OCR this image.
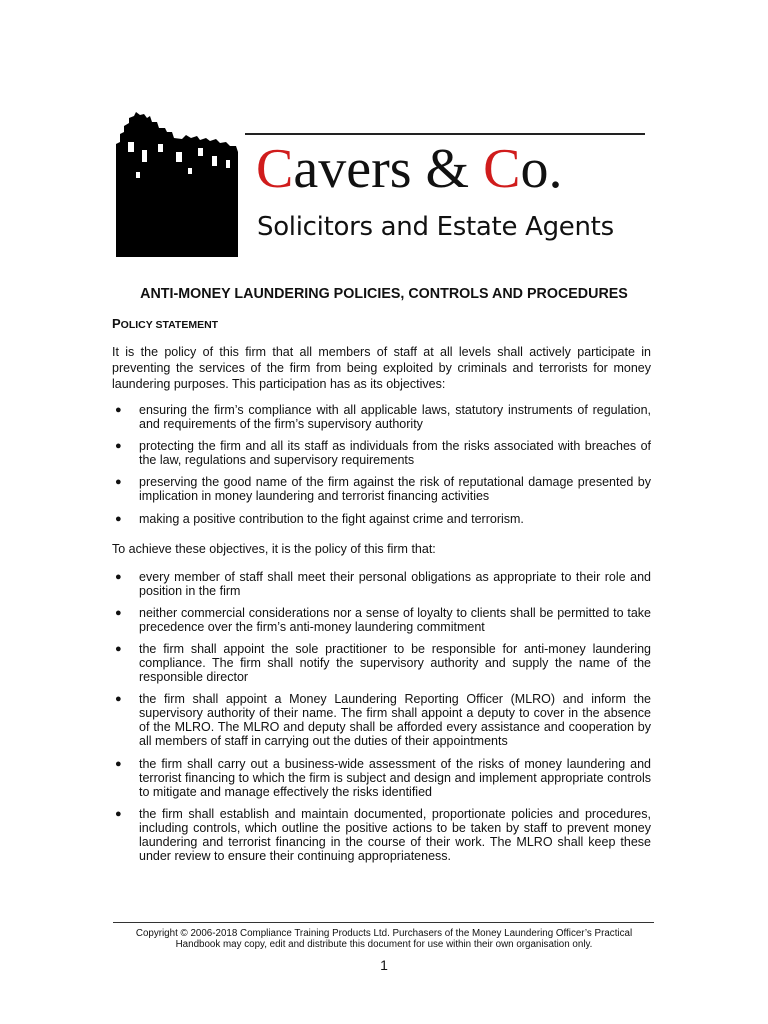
Cavers & Co.
Solicitors and Estate Agents
ANTI-MONEY LAUNDERING POLICIES, CONTROLS AND PROCEDURES
POLICY STATEMENT

It is the policy of this firm that all members of staff at all levels shall actively participate in preventing the services of the firm from being exploited by criminals and terrorists for money laundering purposes. This participation has as its objectives:

● ensuring the firm’s compliance with all applicable laws, statutory instruments of regulation, and requirements of the firm’s supervisory authority
● protecting the firm and all its staff as individuals from the risks associated with breaches of the law, regulations and supervisory requirements
● preserving the good name of the firm against the risk of reputational damage presented by implication in money laundering and terrorist financing activities
● making a positive contribution to the fight against crime and terrorism.

To achieve these objectives, it is the policy of this firm that:

● every member of staff shall meet their personal obligations as appropriate to their role and position in the firm
● neither commercial considerations nor a sense of loyalty to clients shall be permitted to take precedence over the firm’s anti-money laundering commitment
● the firm shall appoint the sole practitioner to be responsible for anti-money laundering compliance. The firm shall notify the supervisory authority and supply the name of the responsible director
● the firm shall appoint a Money Laundering Reporting Officer (MLRO) and inform the supervisory authority of their name. The firm shall appoint a deputy to cover in the absence of the MLRO. The MLRO and deputy shall be afforded every assistance and cooperation by all members of staff in carrying out the duties of their appointments
● the firm shall carry out a business-wide assessment of the risks of money laundering and terrorist financing to which the firm is subject and design and implement appropriate controls to mitigate and manage effectively the risks identified
● the firm shall establish and maintain documented, proportionate policies and procedures, including controls, which outline the positive actions to be taken by staff to prevent money laundering and terrorist financing in the course of their work. The MLRO shall keep these under review to ensure their continuing appropriateness.
Copyright © 2006-2018 Compliance Training Products Ltd. Purchasers of the Money Laundering Officer’s Practical
Handbook may copy, edit and distribute this document for use within their own organisation only.
1
